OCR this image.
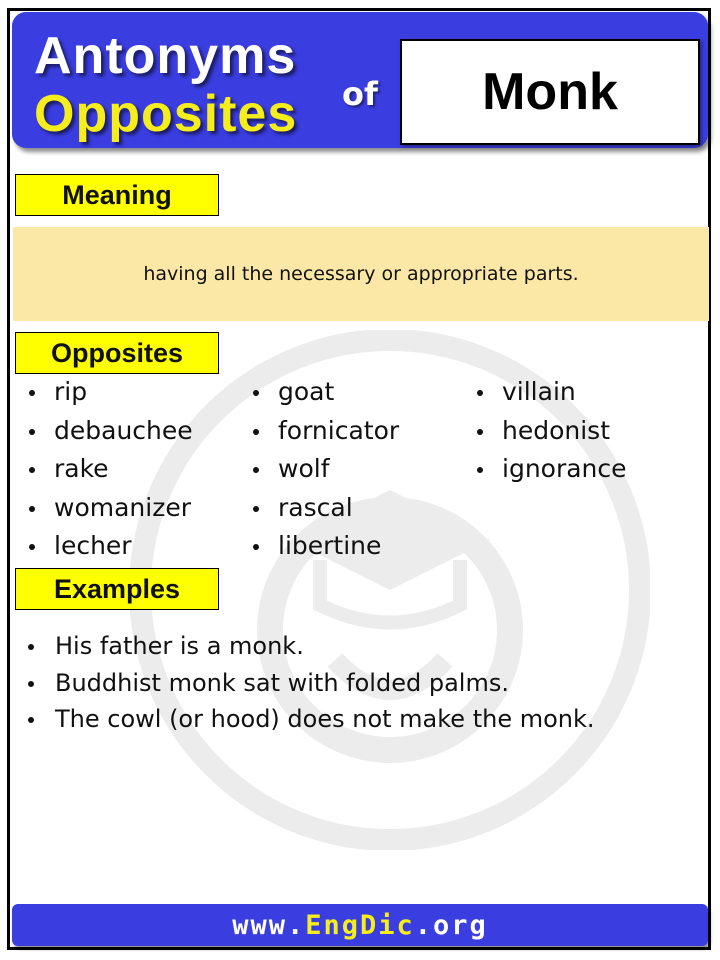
Antonyms
Opposites of Monk
Meaning
having all the necessary or appropriate parts.
Opposites
rip
debauchee
rake
womanizer
lecher
goat
fornicator
wolf
rascal
libertine
villain
hedonist
ignorance
Examples
His father is a monk.
Buddhist monk sat with folded palms.
The cowl (or hood) does not make the monk.
www. EngDic .org
